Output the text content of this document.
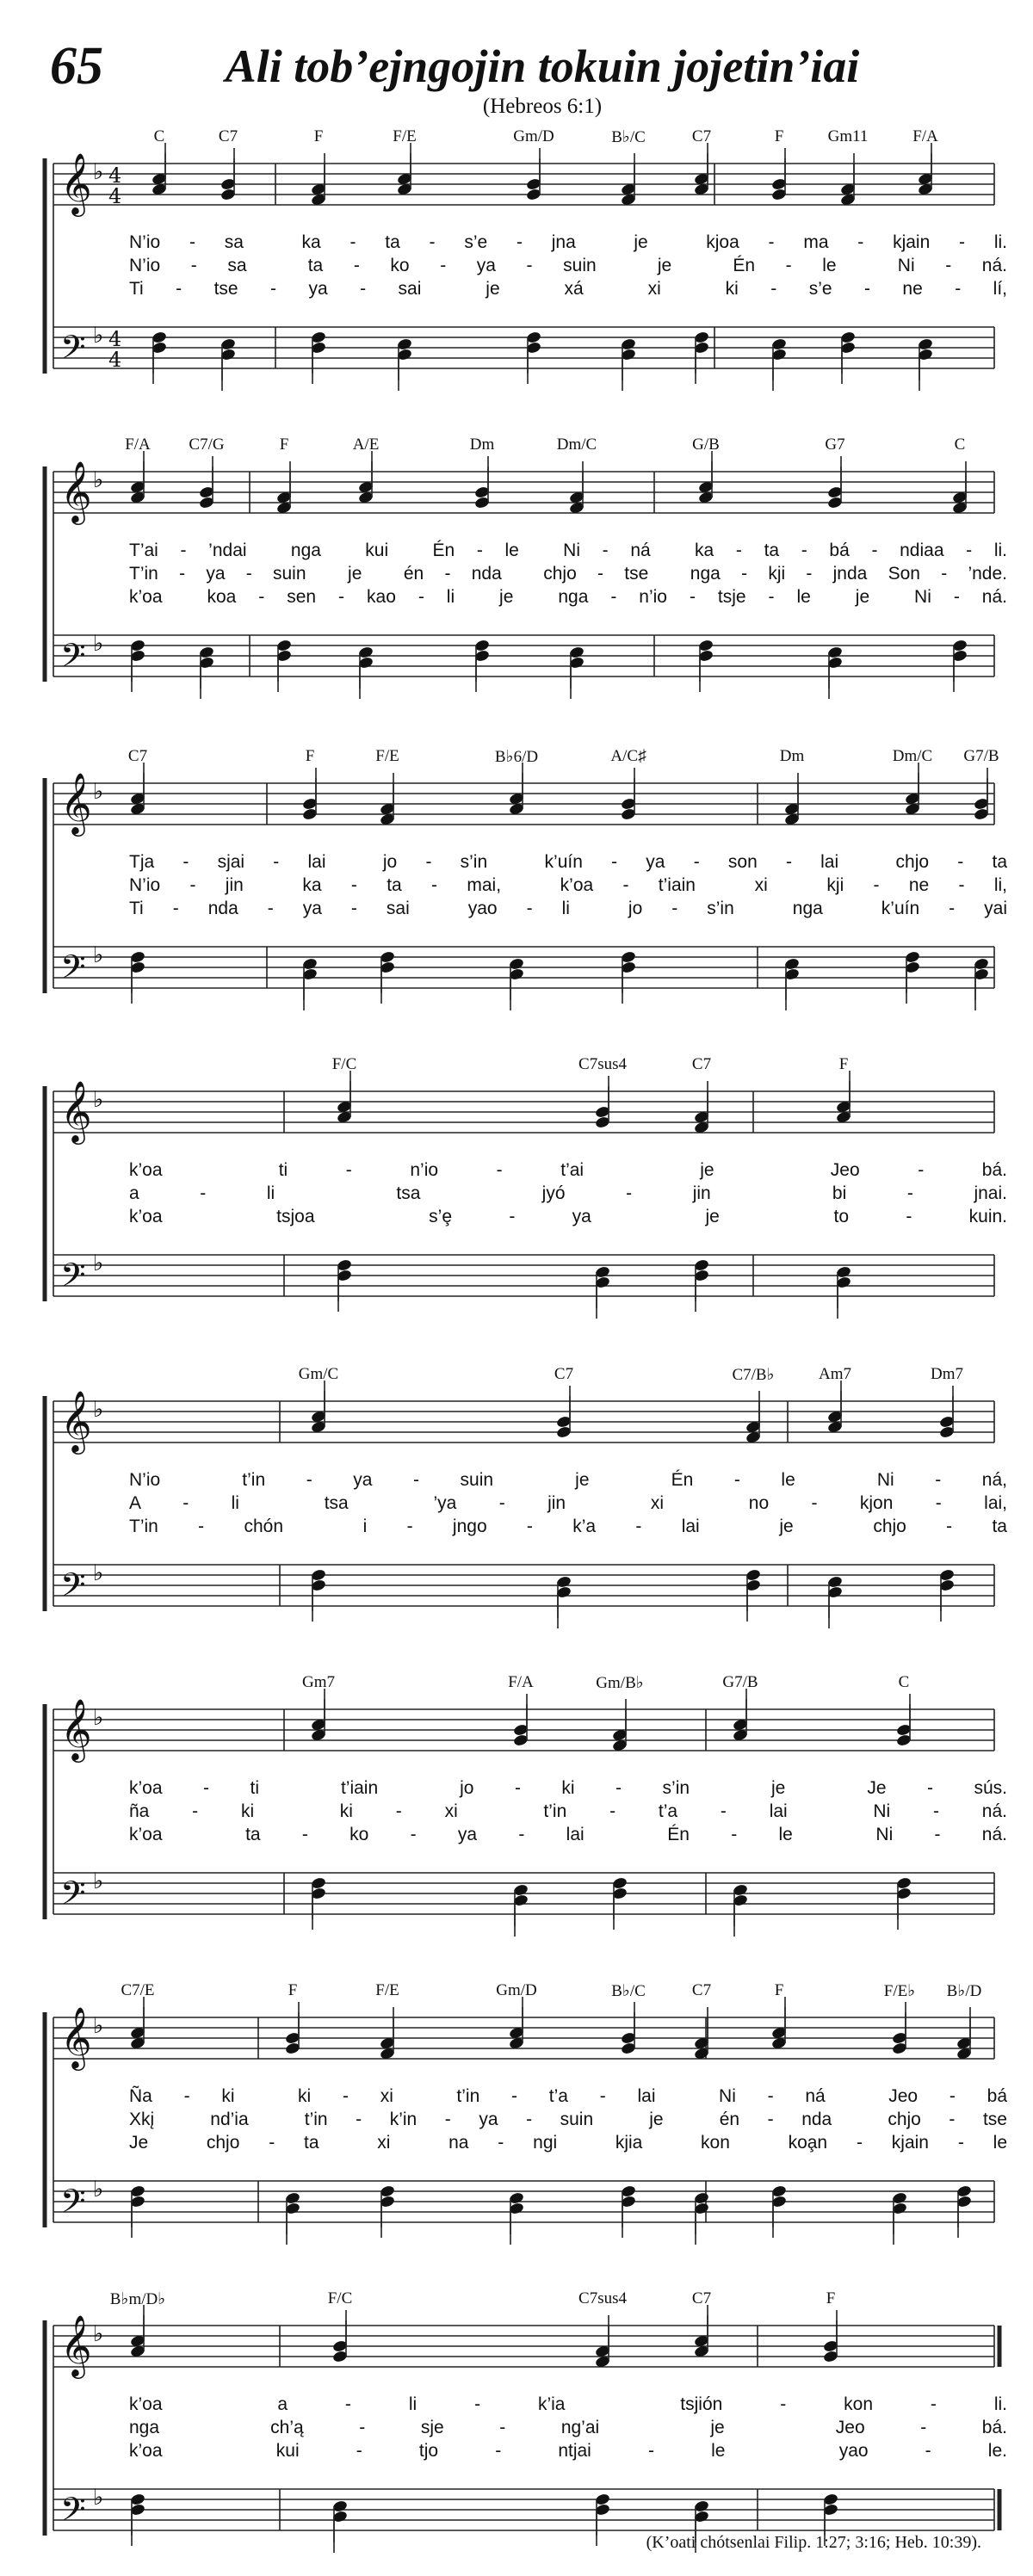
65	Ali tob’ejngojin tokuin jojetin’iai
(Hebreos 6:1)
𝄞 ♭
𝄢 ♭
4
4
4
4
C	C7	F	F/E	Gm/D	B♭/C	C7	F	Gm11	F/A
N’io - sa  ka - ta - s’e - jna  je  kjoa - ma - kjain - li.
N’io - sa  ta - ko - ya - suin  je  Én - le  Ni - ná.
Ti - tse - ya - sai  je  xá  xi  ki - s’e - ne - lí,
𝄞 ♭
𝄢 ♭
F/A C7/G	F	A/E	Dm	Dm/C	G/B	G7	C
T’ai - ’ndai  nga  kui  Én - le  Ni - ná  ka - ta - bá - ndiaa - li.
T’in - ya - suin  je  én - nda  chjo - tse  nga - kji - jnda Son - ’nde.
k’oa  koa - sen - kao - li  je  nga - n’io - tsje - le  je  Ni - ná.
𝄞 ♭
𝄢 ♭
C7	F	F/E	B♭6/D	A/C♯	Dm	Dm/C G7/B
Tja - sjai - lai  jo - s’in  k’uín - ya - son - lai  chjo - ta
N’io - jin  ka - ta - mai,  k’oa - t’iain  xi  kji - ne - li,
Ti - nda - ya - sai  yao - li  jo - s’in  nga  k’uín - yai
𝄞 ♭
𝄢 ♭
F/C	C7sus4	C7	F
k’oa  ti - n’io - t’ai  je  Jeo - bá.
a - li  tsa  jyó - jin  bi - jnai.
k’oa  tsjoa  s’ȩ - ya  je  to - kuin.
𝄞 ♭
𝄢 ♭
Gm/C	C7	C7/B♭	Am7	Dm7
N’io  t’in - ya - suin  je  Én - le  Ni - ná,
A - li  tsa  ’ya - jin  xi  no - kjon - lai,
T’in - chón  i - jngo - k’a - lai  je  chjo - ta
𝄞 ♭
𝄢 ♭
Gm7	F/A	Gm/B♭	G7/B	C
k’oa - ti  t’iain  jo - ki - s’in  je  Je - sús.
ña - ki  ki - xi  t’in - t’a - lai  Ni - ná.
k’oa  ta - ko - ya - lai  Én - le  Ni - ná.
𝄞 ♭
𝄢 ♭
C7/E	F	F/E	Gm/D	B♭/C	C7	F	F/E♭ B♭/D
Ña - ki  ki - xi  t’in - t’a - lai  Ni - ná  Jeo - bá
Xkį  nd’ia  t’in - k’in - ya - suin  je  én - nda  chjo - tse
Je  chjo - ta  xi  na - ngi  kjia  kon  koa̧n - kjain - le
𝄞 ♭
𝄢 ♭
B♭m/D♭	F/C	C7sus4	C7	F
k’oa  a - li - k’ia  tsjión - kon - li.
nga  ch’ą - sje - ng’ai  je  Jeo - bá.
k’oa  kui - tjo - ntjai - le  yao - le.
(K’oati chótsenlai Filip. 1:27; 3:16; Heb. 10:39).
